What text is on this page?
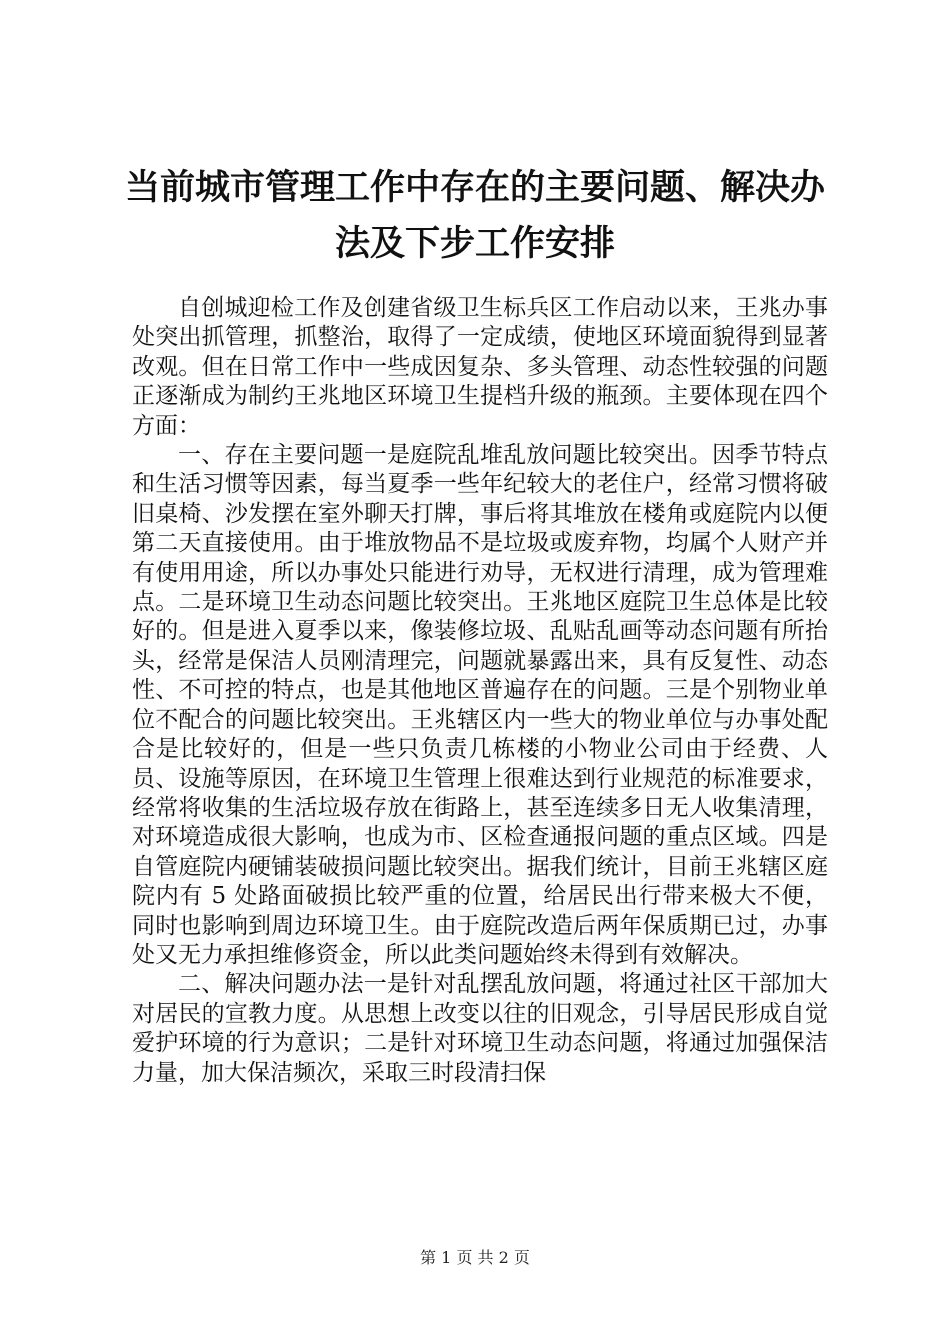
当前城市管理工作中存在的主要问题、解决办法及下步工作安排

自创城迎检工作及创建省级卫生标兵区工作启动以来，王兆办事处突出抓管理，抓整治，取得了一定成绩，使地区环境面貌得到显著改观。但在日常工作中一些成因复杂、多头管理、动态性较强的问题正逐渐成为制约王兆地区环境卫生提档升级的瓶颈。主要体现在四个方面：

一、存在主要问题一是庭院乱堆乱放问题比较突出。因季节特点和生活习惯等因素，每当夏季一些年纪较大的老住户，经常习惯将破旧桌椅、沙发摆在室外聊天打牌，事后将其堆放在楼角或庭院内以便第二天直接使用。由于堆放物品不是垃圾或废弃物，均属个人财产并有使用用途，所以办事处只能进行劝导，无权进行清理，成为管理难点。二是环境卫生动态问题比较突出。王兆地区庭院卫生总体是比较好的。但是进入夏季以来，像装修垃圾、乱贴乱画等动态问题有所抬头，经常是保洁人员刚清理完，问题就暴露出来，具有反复性、动态性、不可控的特点，也是其他地区普遍存在的问题。三是个别物业单位不配合的问题比较突出。王兆辖区内一些大的物业单位与办事处配合是比较好的，但是一些只负责几栋楼的小物业公司由于经费、人员、设施等原因，在环境卫生管理上很难达到行业规范的标准要求，经常将收集的生活垃圾存放在街路上，甚至连续多日无人收集清理，对环境造成很大影响，也成为市、区检查通报问题的重点区域。四是自管庭院内硬铺装破损问题比较突出。据我们统计，目前王兆辖区庭院内有 5 处路面破损比较严重的位置，给居民出行带来极大不便，同时也影响到周边环境卫生。由于庭院改造后两年保质期已过，办事处又无力承担维修资金，所以此类问题始终未得到有效解决。

二、解决问题办法一是针对乱摆乱放问题，将通过社区干部加大对居民的宣教力度。从思想上改变以往的旧观念，引导居民形成自觉爱护环境的行为意识；二是针对环境卫生动态问题，将通过加强保洁力量，加大保洁频次，采取三时段清扫保

第 1 页 共 2 页
